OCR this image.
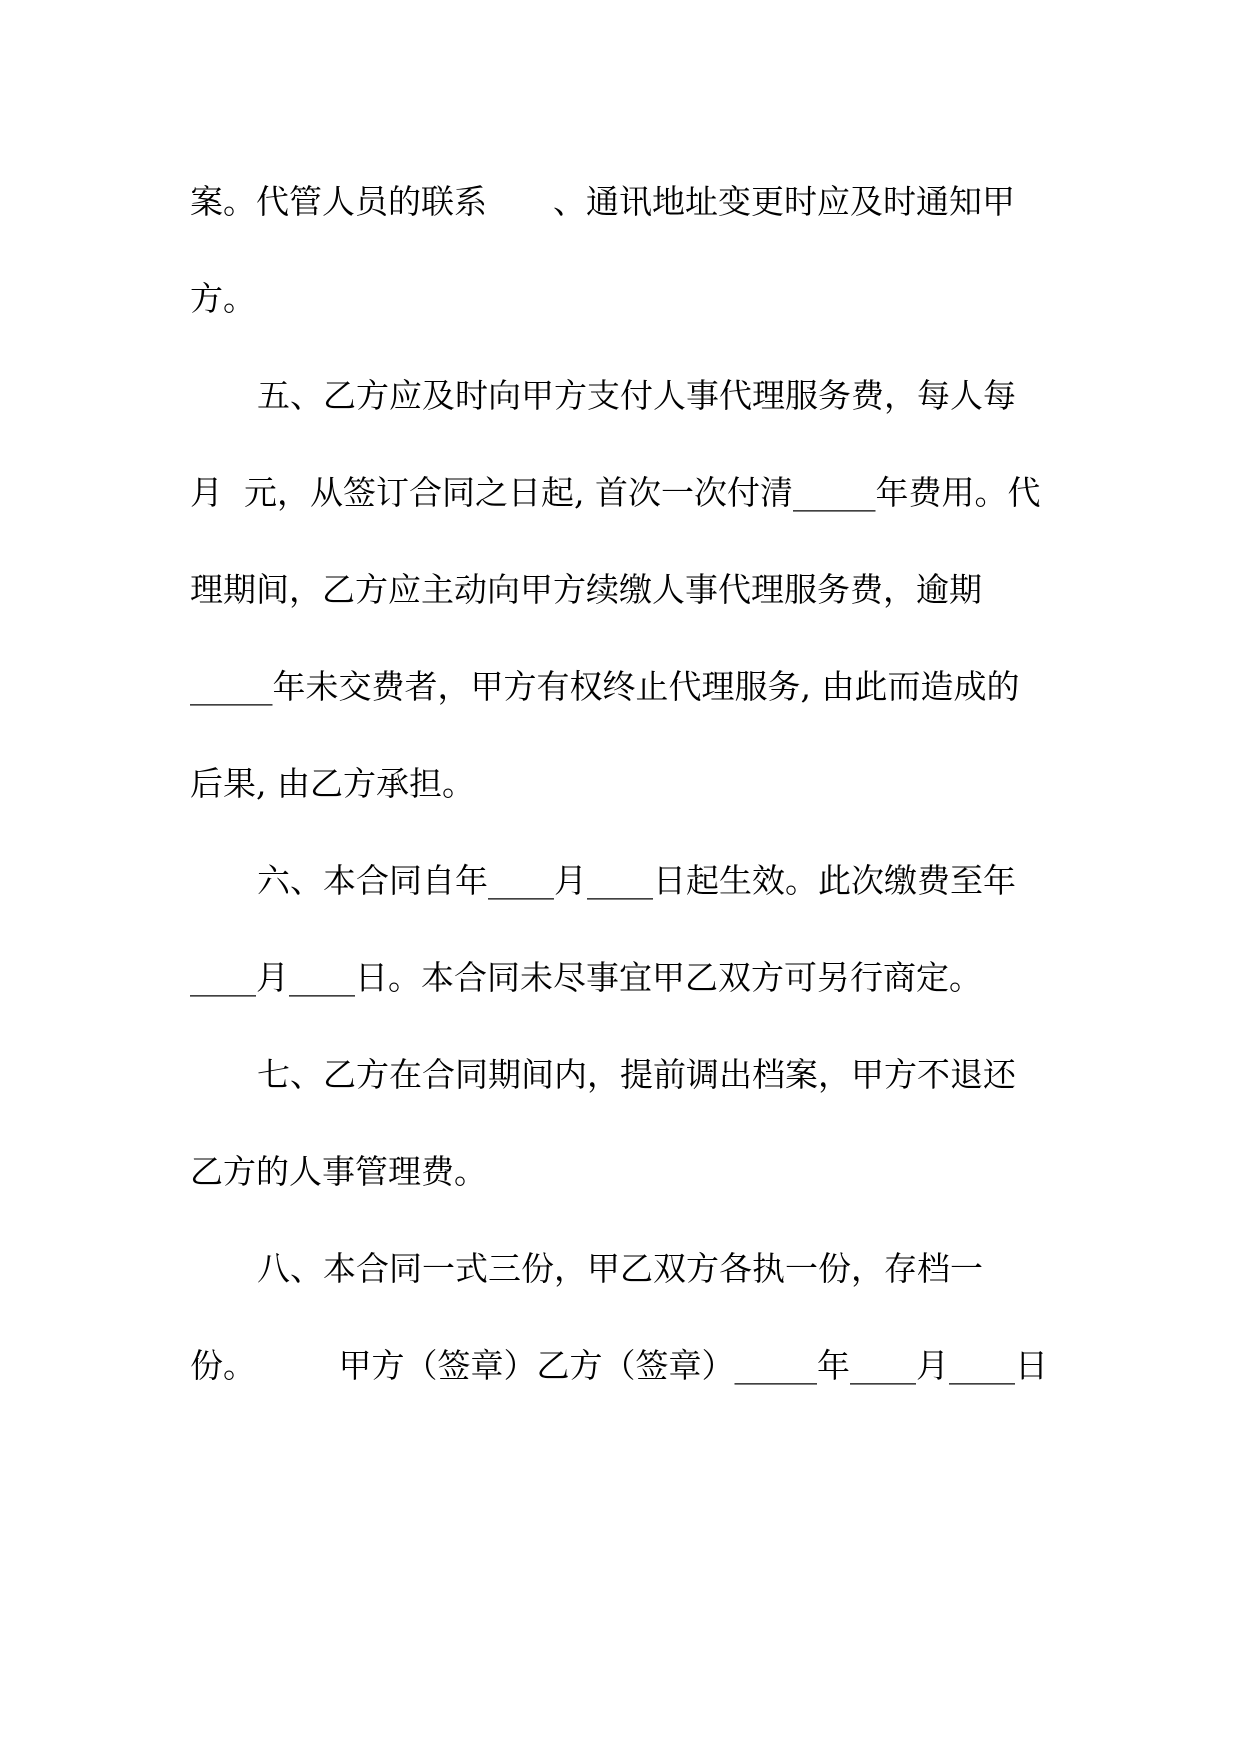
案。代管人员的联系　　、通讯地址变更时应及时通知甲
方。
五、乙方应及时向甲方支付人事代理服务费，每人每
月  元，从签订合同之日起, 首次一次付清_____年费用。代
理期间，乙方应主动向甲方续缴人事代理服务费，逾期
_____年未交费者，甲方有权终止代理服务, 由此而造成的
后果, 由乙方承担。
六、本合同自年____月____日起生效。此次缴费至年
____月____日。本合同未尽事宜甲乙双方可另行商定。
七、乙方在合同期间内，提前调出档案，甲方不退还
乙方的人事管理费。
八、本合同一式三份，甲乙双方各执一份，存档一
份。　　　甲方（签章）乙方（签章）_____年____月____日
